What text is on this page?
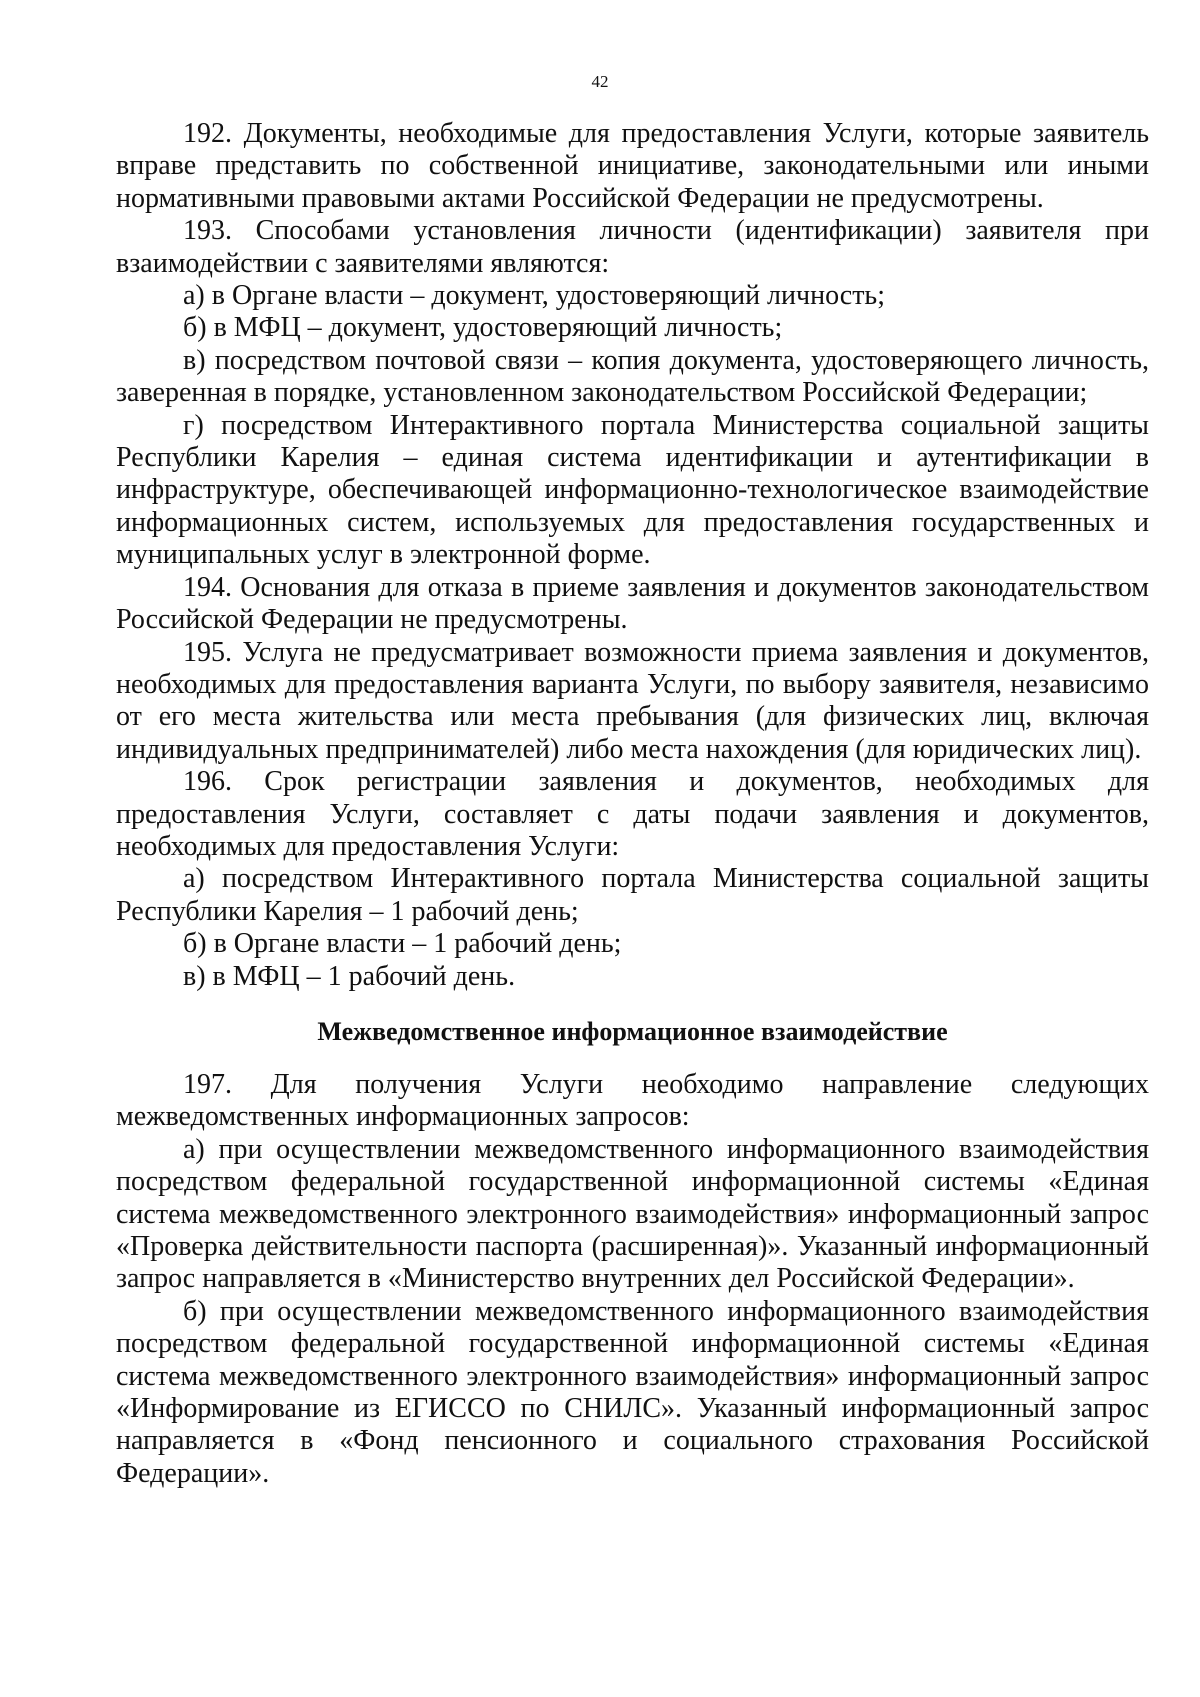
42

192. Документы, необходимые для предоставления Услуги, которые заявитель вправе представить по собственной инициативе, законодательными или иными нормативными правовыми актами Российской Федерации не предусмотрены.

193. Способами установления личности (идентификации) заявителя при взаимодействии с заявителями являются:

а) в Органе власти – документ, удостоверяющий личность;

б) в МФЦ – документ, удостоверяющий личность;

в) посредством почтовой связи – копия документа, удостоверяющего личность, заверенная в порядке, установленном законодательством Российской Федерации;

г) посредством Интерактивного портала Министерства социальной защиты Республики Карелия – единая система идентификации и аутентификации в инфраструктуре, обеспечивающей информационно-технологическое взаимодействие информационных систем, используемых для предоставления государственных и муниципальных услуг в электронной форме.

194. Основания для отказа в приеме заявления и документов законодательством Российской Федерации не предусмотрены.

195. Услуга не предусматривает возможности приема заявления и документов, необходимых для предоставления варианта Услуги, по выбору заявителя, независимо от его места жительства или места пребывания (для физических лиц, включая индивидуальных предпринимателей) либо места нахождения (для юридических лиц).

196. Срок регистрации заявления и документов, необходимых для предоставления Услуги, составляет с даты подачи заявления и документов, необходимых для предоставления Услуги:

а) посредством Интерактивного портала Министерства социальной защиты Республики Карелия – 1 рабочий день;

б) в Органе власти – 1 рабочий день;

в) в МФЦ – 1 рабочий день.

Межведомственное информационное взаимодействие

197. Для получения Услуги необходимо направление следующих межведомственных информационных запросов:

а) при осуществлении межведомственного информационного взаимодействия посредством федеральной государственной информационной системы «Единая система межведомственного электронного взаимодействия» информационный запрос «Проверка действительности паспорта (расширенная)». Указанный информационный запрос направляется в «Министерство внутренних дел Российской Федерации».

б) при осуществлении межведомственного информационного взаимодействия посредством федеральной государственной информационной системы «Единая система межведомственного электронного взаимодействия» информационный запрос «Информирование из ЕГИССО по СНИЛС». Указанный информационный запрос направляется в «Фонд пенсионного и социального страхования Российской Федерации».
